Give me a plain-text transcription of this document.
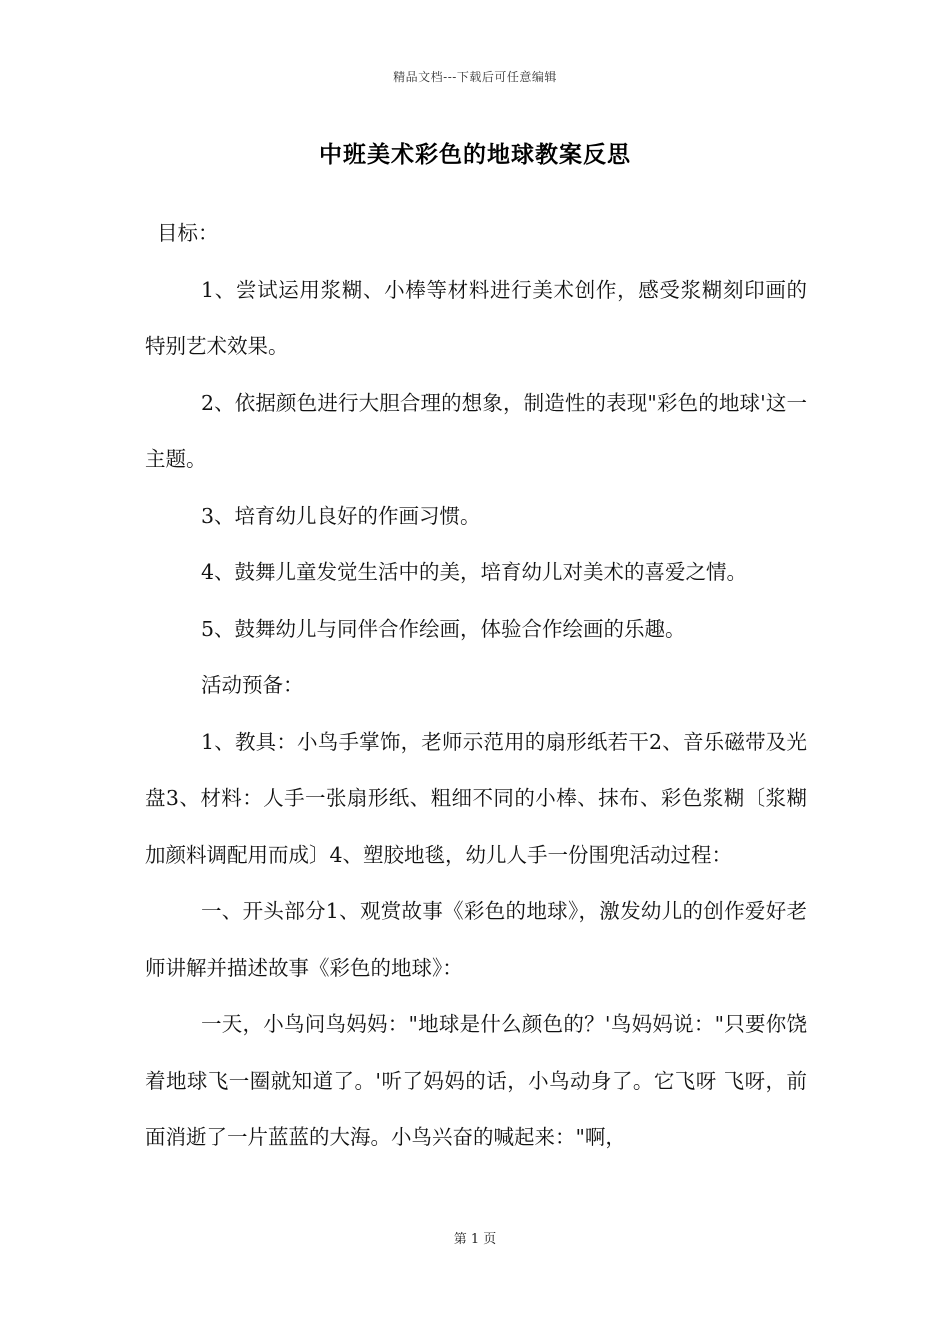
精品文档---下载后可任意编辑
中班美术彩色的地球教案反思

目标：

1、尝试运用浆糊、小棒等材料进行美术创作，感受浆糊刻印画的特别艺术效果。

2、依据颜色进行大胆合理的想象，制造性的表现"彩色的地球'这一主题。

3、培育幼儿良好的作画习惯。

4、鼓舞儿童发觉生活中的美，培育幼儿对美术的喜爱之情。

5、鼓舞幼儿与同伴合作绘画，体验合作绘画的乐趣。

活动预备：

1、教具：小鸟手掌饰，老师示范用的扇形纸若干2、音乐磁带及光盘3、材料：人手一张扇形纸、粗细不同的小棒、抹布、彩色浆糊〔浆糊加颜料调配用而成〕4、塑胶地毯，幼儿人手一份围兜活动过程：

一、开头部分1、观赏故事《彩色的地球》，激发幼儿的创作爱好老师讲解并描述故事《彩色的地球》：

一天，小鸟问鸟妈妈："地球是什么颜色的？'鸟妈妈说："只要你饶着地球飞一圈就知道了。'听了妈妈的话，小鸟动身了。它飞呀 飞呀，前面消逝了一片蓝蓝的大海。小鸟兴奋的喊起来："啊，

第 1 页
